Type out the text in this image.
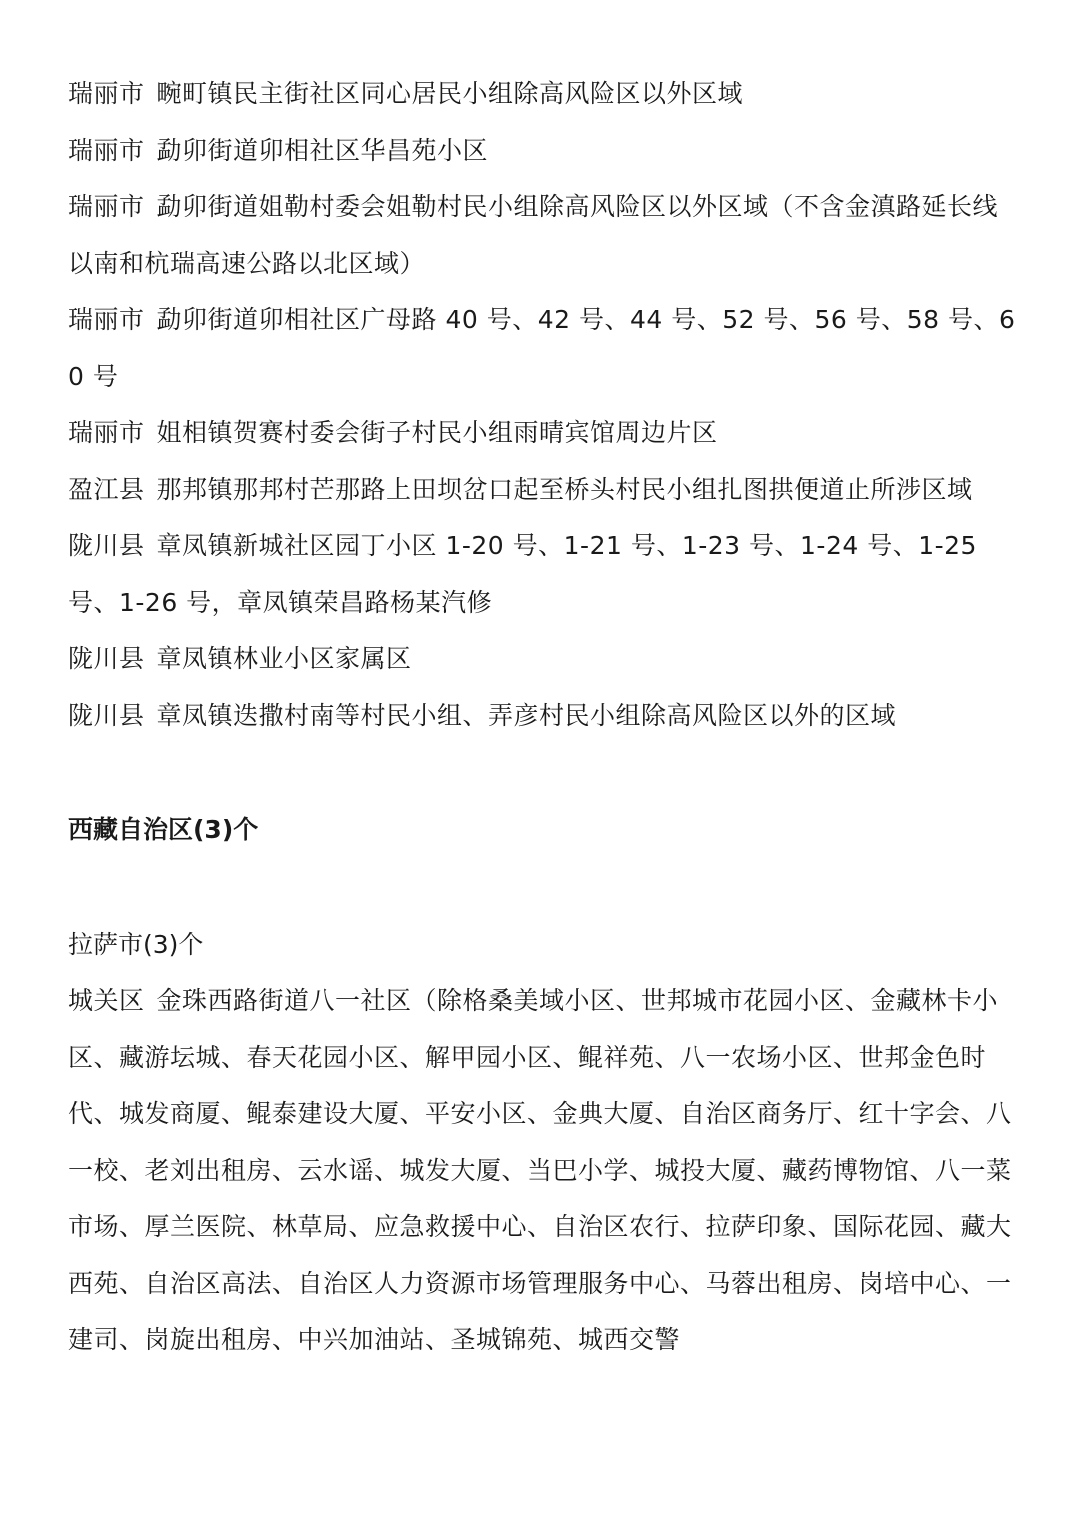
瑞丽市 畹町镇民主街社区同心居民小组除高风险区以外区域

瑞丽市 勐卯街道卯相社区华昌苑小区

瑞丽市 勐卯街道姐勒村委会姐勒村民小组除高风险区以外区域（不含金滇路延长线以南和杭瑞高速公路以北区域）

瑞丽市 勐卯街道卯相社区广母路 40 号、42 号、44 号、52 号、56 号、58 号、60 号

瑞丽市 姐相镇贺赛村委会街子村民小组雨晴宾馆周边片区

盈江县 那邦镇那邦村芒那路上田坝岔口起至桥头村民小组扎图拱便道止所涉区域

陇川县 章凤镇新城社区园丁小区 1-20 号、1-21 号、1-23 号、1-24 号、1-25 号、1-26 号，章凤镇荣昌路杨某汽修

陇川县 章凤镇林业小区家属区

陇川县 章凤镇迭撒村南等村民小组、弄彦村民小组除高风险区以外的区域

西藏自治区(3)个

拉萨市(3)个

城关区 金珠西路街道八一社区（除格桑美域小区、世邦城市花园小区、金藏林卡小区、藏游坛城、春天花园小区、解甲园小区、鲲祥苑、八一农场小区、世邦金色时代、城发商厦、鲲泰建设大厦、平安小区、金典大厦、自治区商务厅、红十字会、八一校、老刘出租房、云水谣、城发大厦、当巴小学、城投大厦、藏药博物馆、八一菜市场、厚兰医院、林草局、应急救援中心、自治区农行、拉萨印象、国际花园、藏大西苑、自治区高法、自治区人力资源市场管理服务中心、马蓉出租房、岗培中心、一建司、岗旋出租房、中兴加油站、圣城锦苑、城西交警
